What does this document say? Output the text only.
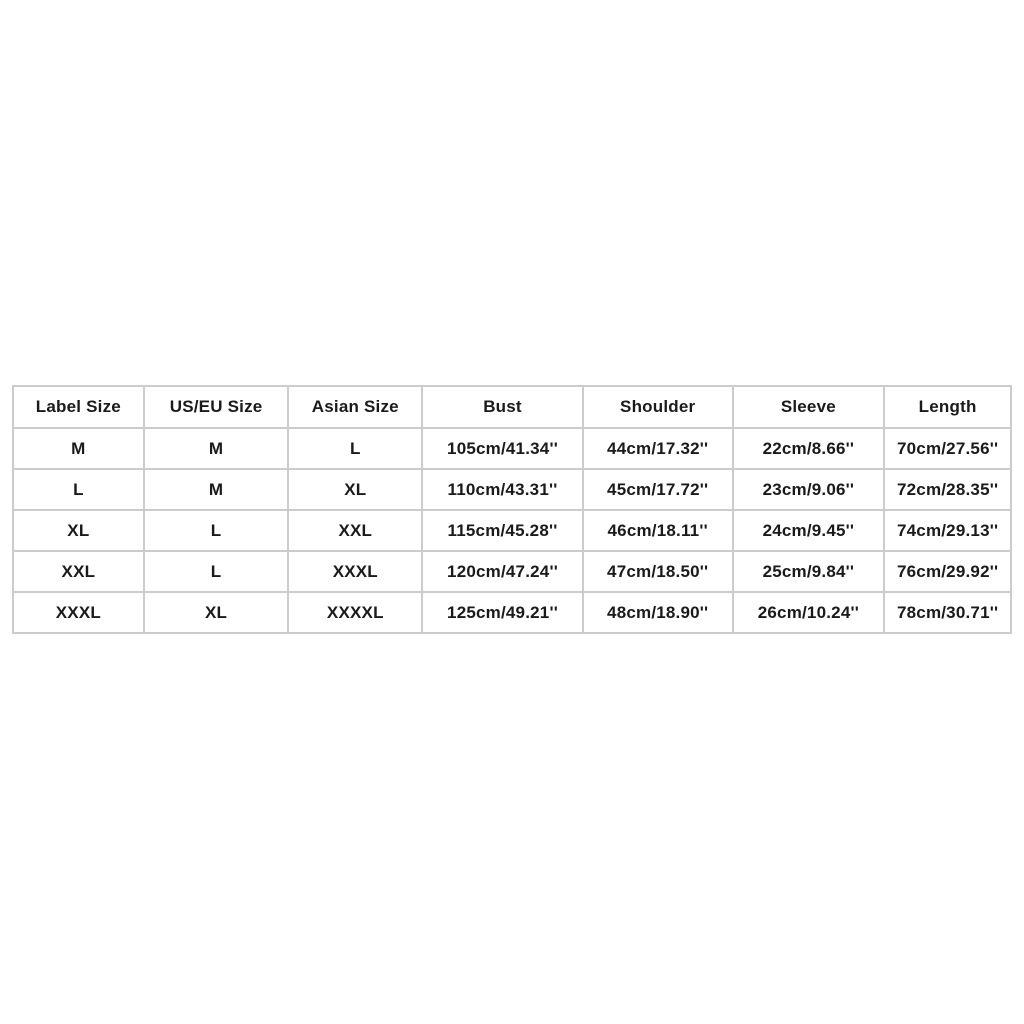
Label Size	US/EU Size	Asian Size	Bust	Shoulder	Sleeve	Length
M	M	L	105cm/41.34''	44cm/17.32''	22cm/8.66''	70cm/27.56''
L	M	XL	110cm/43.31''	45cm/17.72''	23cm/9.06''	72cm/28.35''
XL	L	XXL	115cm/45.28''	46cm/18.11''	24cm/9.45''	74cm/29.13''
XXL	L	XXXL	120cm/47.24''	47cm/18.50''	25cm/9.84''	76cm/29.92''
XXXL	XL	XXXXL	125cm/49.21''	48cm/18.90''	26cm/10.24''	78cm/30.71''
